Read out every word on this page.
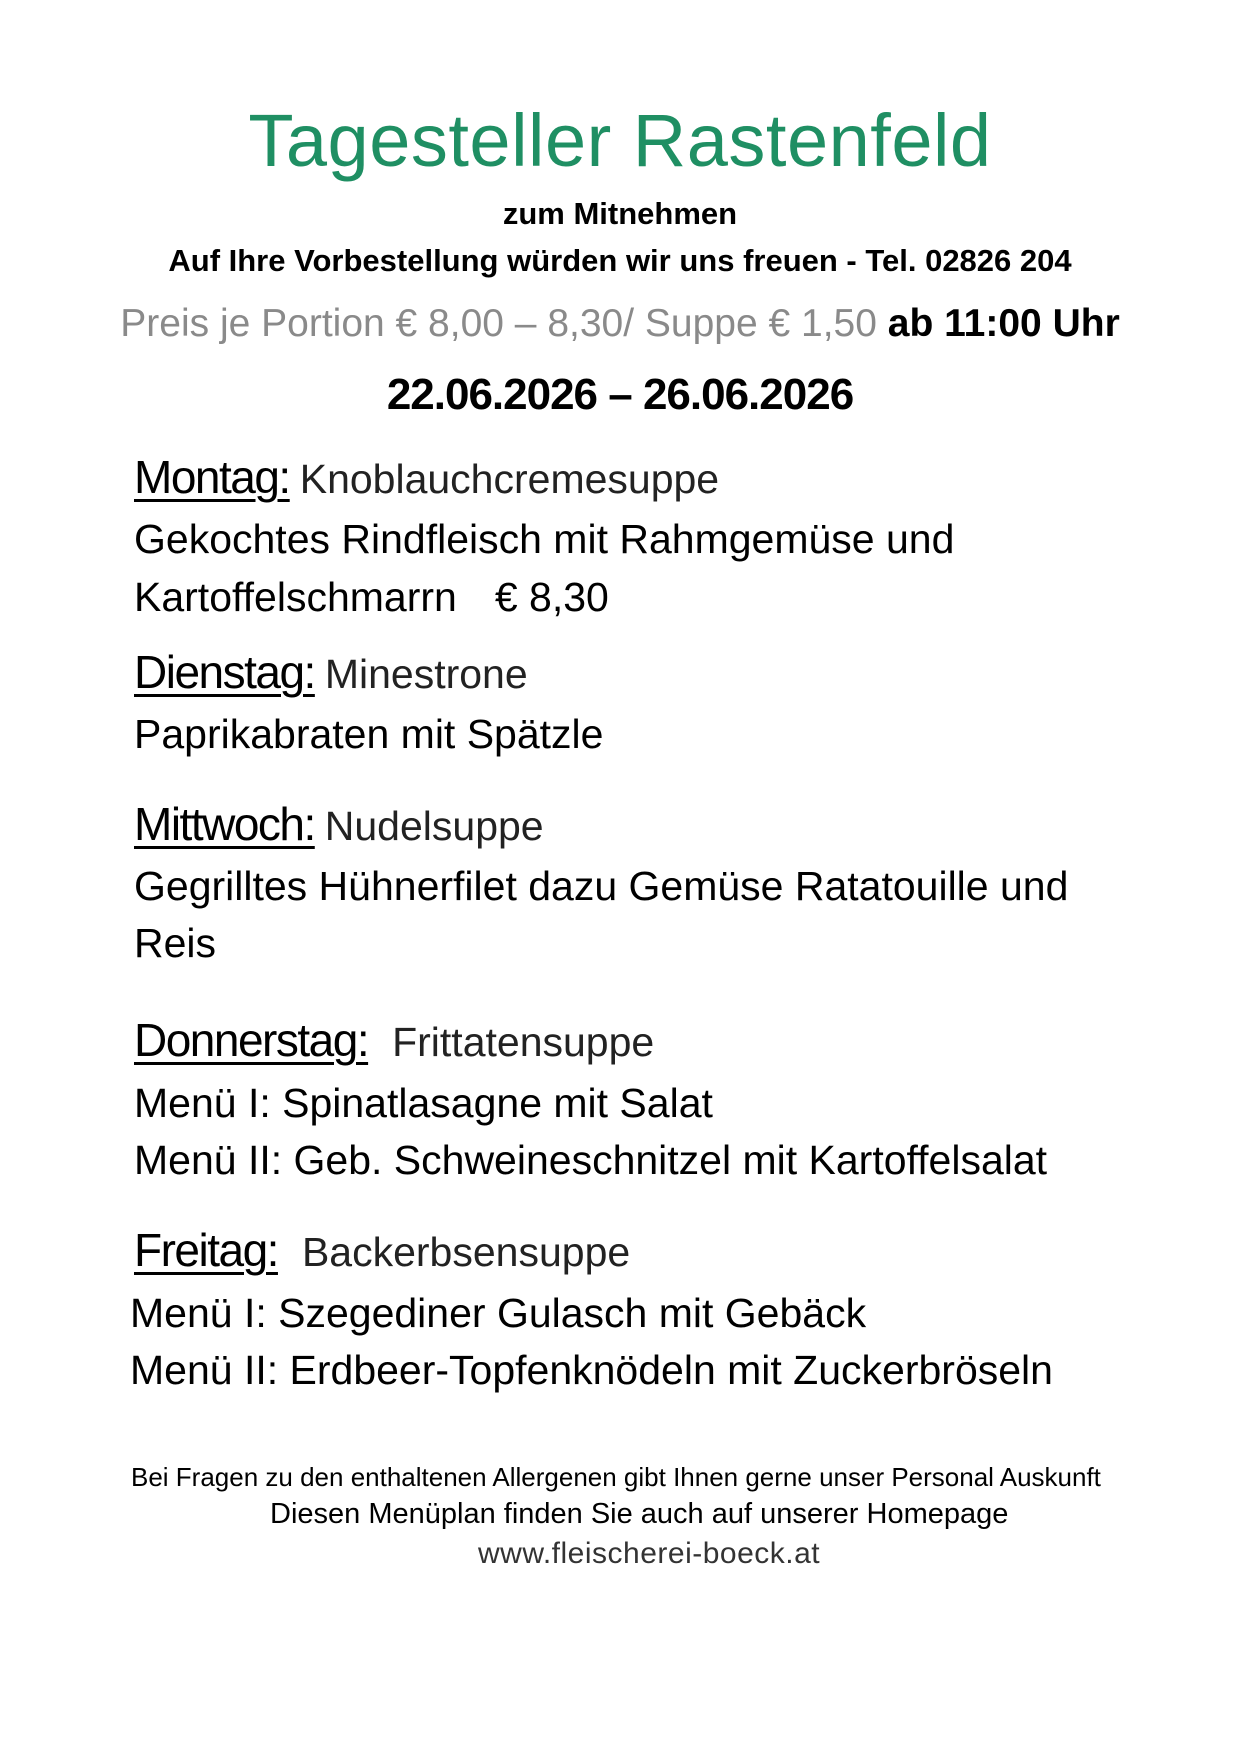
Tagesteller Rastenfeld
zum Mitnehmen
Auf Ihre Vorbestellung würden wir uns freuen - Tel. 02826 204
Preis je Portion € 8,00 – 8,30/ Suppe € 1,50 ab 11:00 Uhr
22.06.2026 – 26.06.2026
Montag: Knoblauchcremesuppe
Gekochtes Rindfleisch mit Rahmgemüse und
Kartoffelschmarrn € 8,30
Dienstag: Minestrone
Paprikabraten mit Spätzle
Mittwoch: Nudelsuppe
Gegrilltes Hühnerfilet dazu Gemüse Ratatouille und
Reis
Donnerstag: Frittatensuppe
Menü I: Spinatlasagne mit Salat
Menü II: Geb. Schweineschnitzel mit Kartoffelsalat
Freitag: Backerbsensuppe
Menü I: Szegediner Gulasch mit Gebäck
Menü II: Erdbeer-Topfenknödeln mit Zuckerbröseln
Bei Fragen zu den enthaltenen Allergenen gibt Ihnen gerne unser Personal Auskunft
Diesen Menüplan finden Sie auch auf unserer Homepage
www.fleischerei-boeck.at
